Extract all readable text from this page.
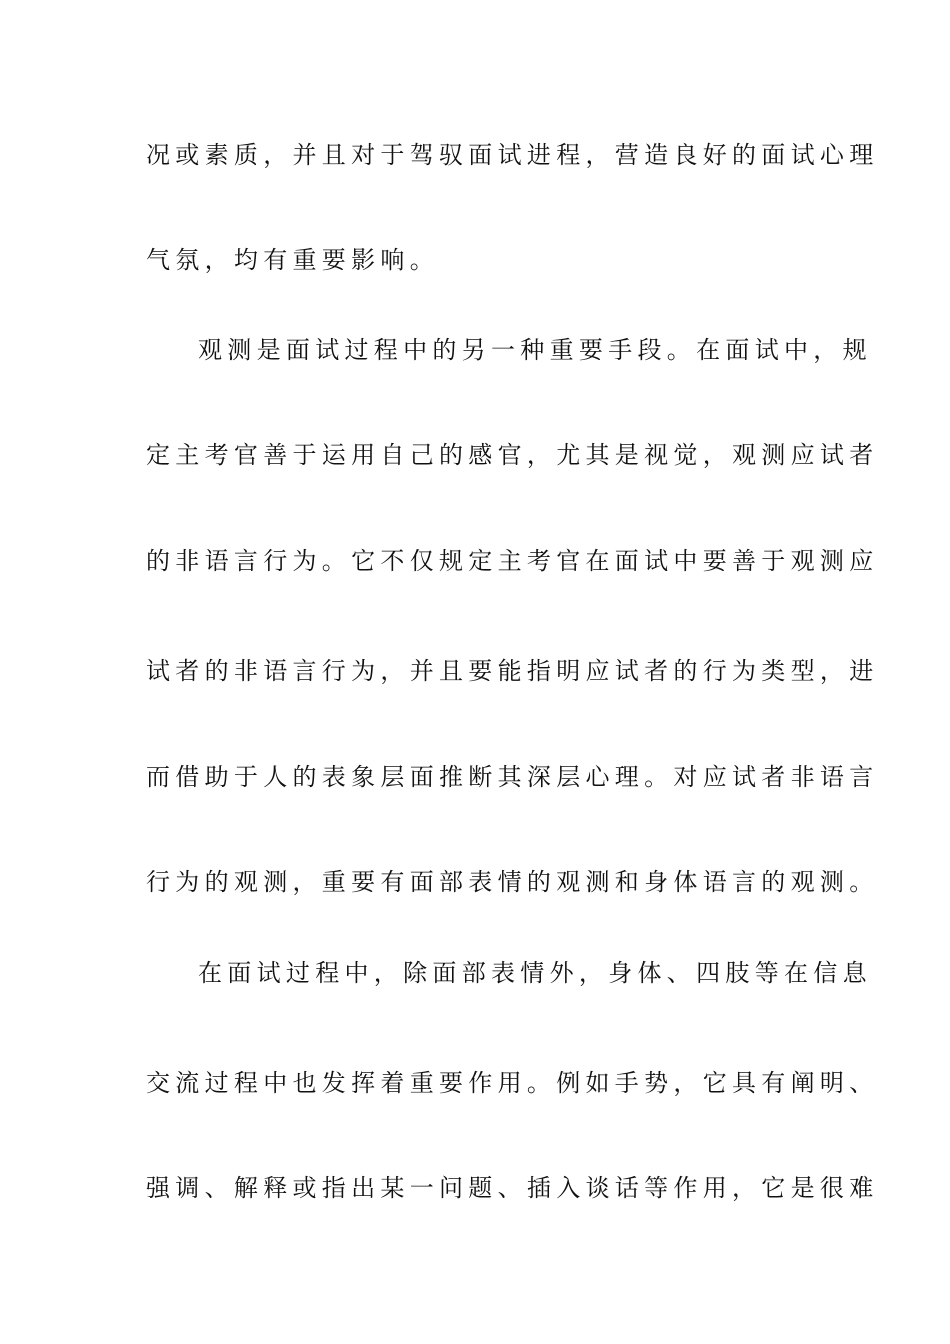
况或素质，并且对于驾驭面试进程，营造良好的面试心理
气氛，均有重要影响。
观测是面试过程中的另一种重要手段。在面试中，规
定主考官善于运用自己的感官，尤其是视觉，观测应试者
的非语言行为。它不仅规定主考官在面试中要善于观测应
试者的非语言行为，并且要能指明应试者的行为类型，进
而借助于人的表象层面推断其深层心理。对应试者非语言
行为的观测，重要有面部表情的观测和身体语言的观测。
在面试过程中，除面部表情外，身体、四肢等在信息
交流过程中也发挥着重要作用。例如手势，它具有阐明、
强调、解释或指出某一问题、插入谈话等作用，它是很难
